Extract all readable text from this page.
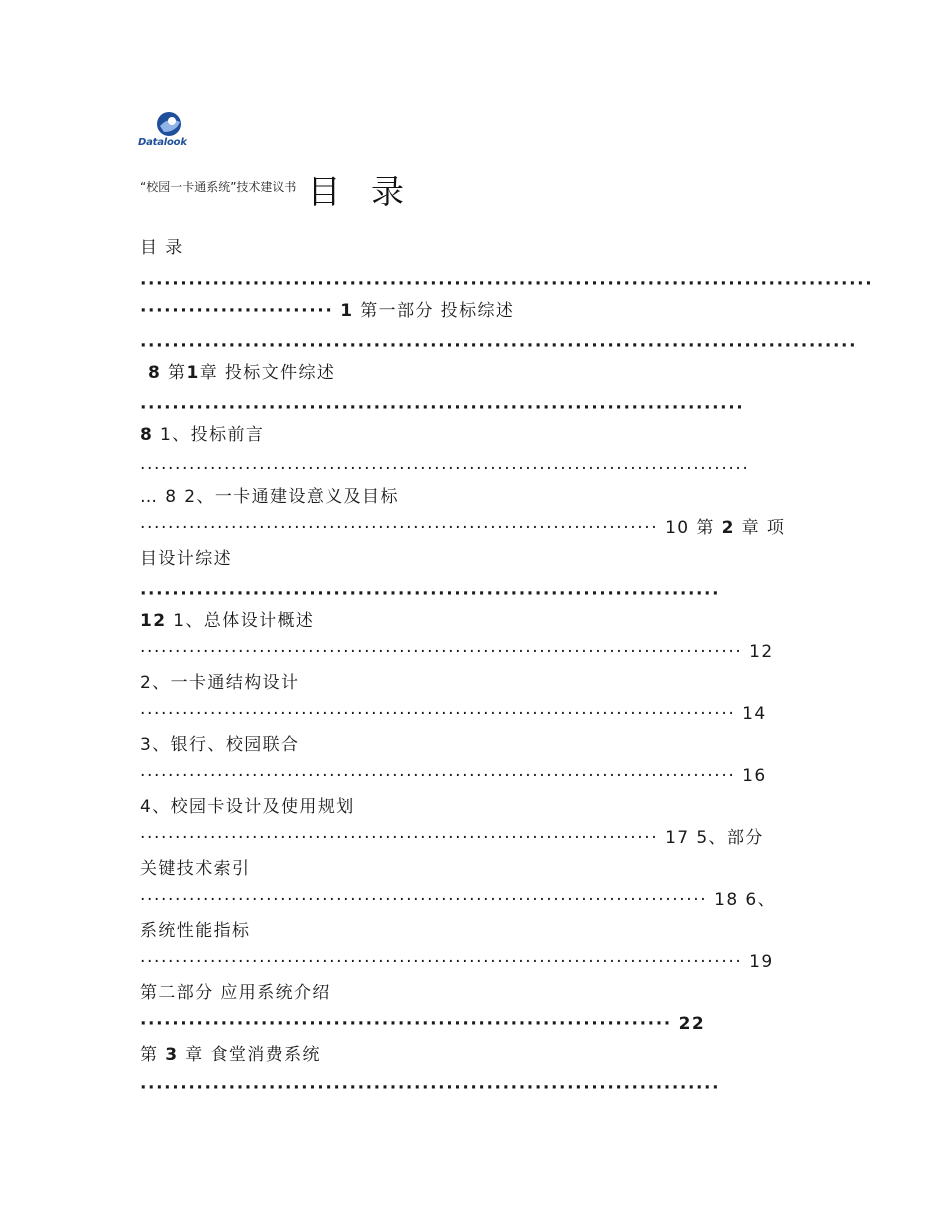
Datalook
$^{“校园一卡通系统”技术建议书}$ 目 录
目 录
···························································································
························ 1 第一部分 投标综述
·························································································
8 第1章 投标文件综述
···········································································
8 1、投标前言
·······················································································
… 8 2、一卡通建设意义及目标
·········································································· 10 第 2 章 项
目设计综述
········································································
12 1、总体设计概述
······················································································ 12
2、一卡通结构设计
····················································································· 14
3、银行、校园联合
····················································································· 16
4、校园卡设计及使用规划
·········································································· 17 5、部分
关键技术索引
················································································· 18 6、
系统性能指标
······················································································ 19
第二部分 应用系统介绍
·································································· 22
第 3 章 食堂消费系统
········································································
